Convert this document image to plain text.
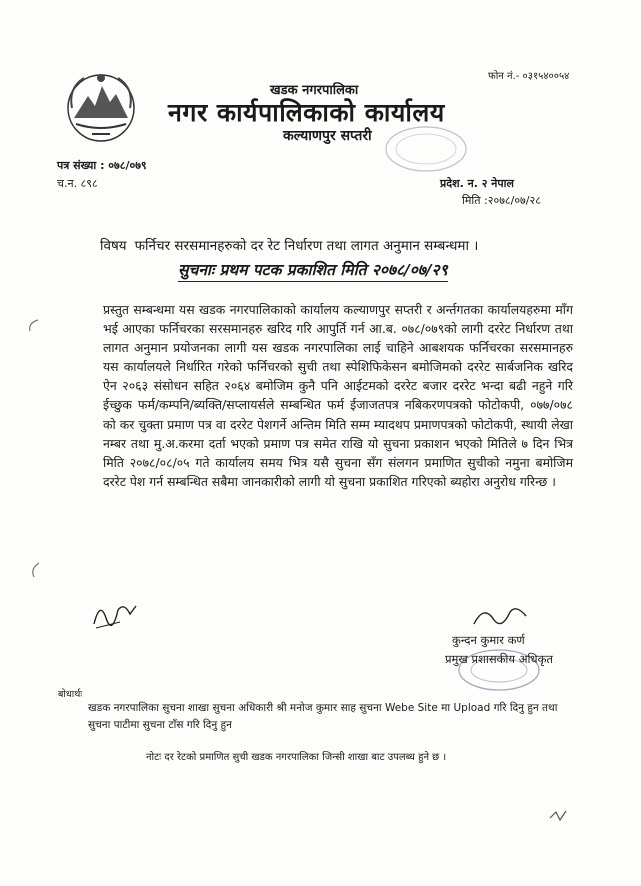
फोन नं.- ०३१५४००५४
खडक नगरपालिका
नगर कार्यपालिकाको कार्यालय
कल्याणपुर सप्तरी
पत्र संख्या : ०७८/०७९
च.न. ८९८	प्रदेश. न. २ नेपाल
मिति :२०७८/०७/२८
विषय फर्निचर सरसमानहरुको दर रेट निर्धारण तथा लागत अनुमान सम्बन्धमा ।
सुचनाः प्रथम पटक प्रकाशित मिति २०७८/०७/२९
प्रस्तुत सम्बन्धमा यस खडक नगरपालिकाको कार्यालय कल्याणपुर सप्तरी र अर्न्तगतका कार्यालयहरुमा माँग भई आएका फर्निचरका सरसमानहरु खरिद गरि आपुर्ति गर्न आ.ब. ०७८/०७९को लागी दररेट निर्धारण तथा लागत अनुमान प्रयोजनका लागी यस खडक नगरपालिका लाई चाहिने आबशयक फर्निचरका सरसमानहरु यस कार्यालयले निर्धारित गरेको फर्निचरको सुची तथा स्पेशिफिकेसन बमोजिमको दररेट सार्बजनिक खरिद ऐन २०६३ संसोधन सहित २०६४ बमोजिम कुनै पनि आईटमको दररेट बजार दररेट भन्दा बढी नहुने गरि ईच्छुक फर्म/कम्पनि/ब्यक्ति/सप्लायर्सले सम्बन्धित फर्म ईजाजतपत्र नबिकरणपत्रको फोटोकपी, ०७७/०७८ को कर चुक्ता प्रमाण पत्र वा दररेट पेशगर्ने अन्तिम मिति सम्म म्यादथप प्रमाणपत्रको फोटोकपी, स्थायी लेखा नम्बर तथा मु.अ.करमा दर्ता भएको प्रमाण पत्र समेत राखि यो सुचना प्रकाशन भएको मितिले ७ दिन भित्र मिति २०७८/०८/०५ गते कार्यालय समय भित्र यसै सुचना सँग संलगन प्रमाणित सुचीको नमुना बमोजिम दररेट पेश गर्न सम्बन्धित सबैमा जानकारीको लागी यो सुचना प्रकाशित गरिएको ब्यहोरा अनुरोध गरिन्छ ।
कुन्दन कुमार कर्ण
प्रमुख प्रशासकीय अधिकृत
बोधार्थः
खडक नगरपालिका सुचना शाखा सुचना अधिकारी श्री मनोज कुमार साह सुचना Webe Site मा Upload गरि दिनु हुन तथा सुचना पाटीमा सुचना टाँस गरि दिनु हुन
नोटः दर रेटको प्रमाणित सुची खडक नगरपालिका जिन्सी शाखा बाट उपलब्ध हुने छ ।
